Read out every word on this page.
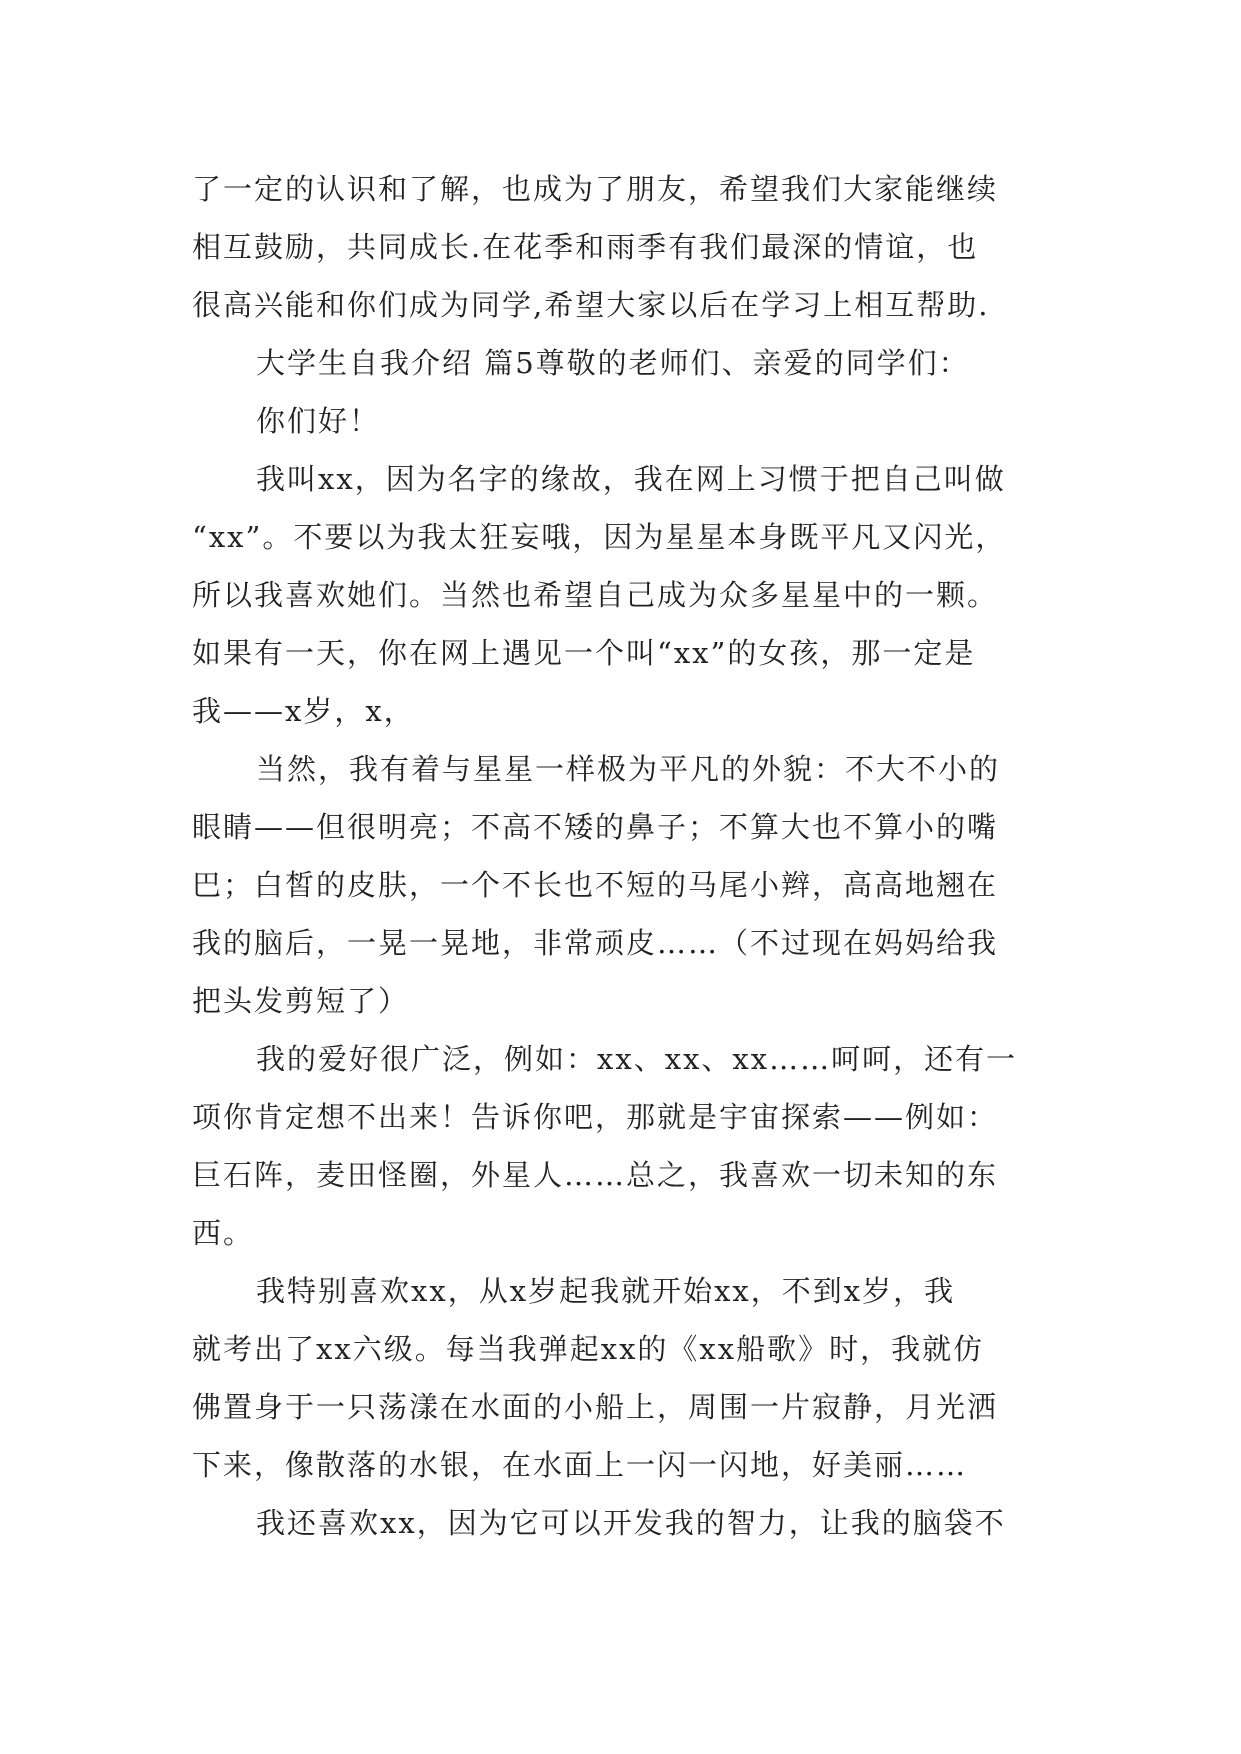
了一定的认识和了解，也成为了朋友，希望我们大家能继续
相互鼓励，共同成长.在花季和雨季有我们最深的情谊，也
很高兴能和你们成为同学,希望大家以后在学习上相互帮助.
大学生自我介绍 篇5尊敬的老师们、亲爱的同学们：
你们好！
我叫xx，因为名字的缘故，我在网上习惯于把自己叫做
“xx”。不要以为我太狂妄哦，因为星星本身既平凡又闪光，
所以我喜欢她们。当然也希望自己成为众多星星中的一颗。
如果有一天，你在网上遇见一个叫“xx”的女孩，那一定是
我——x岁，x，
当然，我有着与星星一样极为平凡的外貌：不大不小的
眼睛——但很明亮；不高不矮的鼻子；不算大也不算小的嘴
巴；白皙的皮肤，一个不长也不短的马尾小辫，高高地翘在
我的脑后，一晃一晃地，非常顽皮……（不过现在妈妈给我
把头发剪短了）
我的爱好很广泛，例如：xx、xx、xx……呵呵，还有一
项你肯定想不出来！告诉你吧，那就是宇宙探索——例如：
巨石阵，麦田怪圈，外星人……总之，我喜欢一切未知的东
西。
我特别喜欢xx，从x岁起我就开始xx，不到x岁，我
就考出了xx六级。每当我弹起xx的《xx船歌》时，我就仿
佛置身于一只荡漾在水面的小船上，周围一片寂静，月光洒
下来，像散落的水银，在水面上一闪一闪地，好美丽……
我还喜欢xx，因为它可以开发我的智力，让我的脑袋不
